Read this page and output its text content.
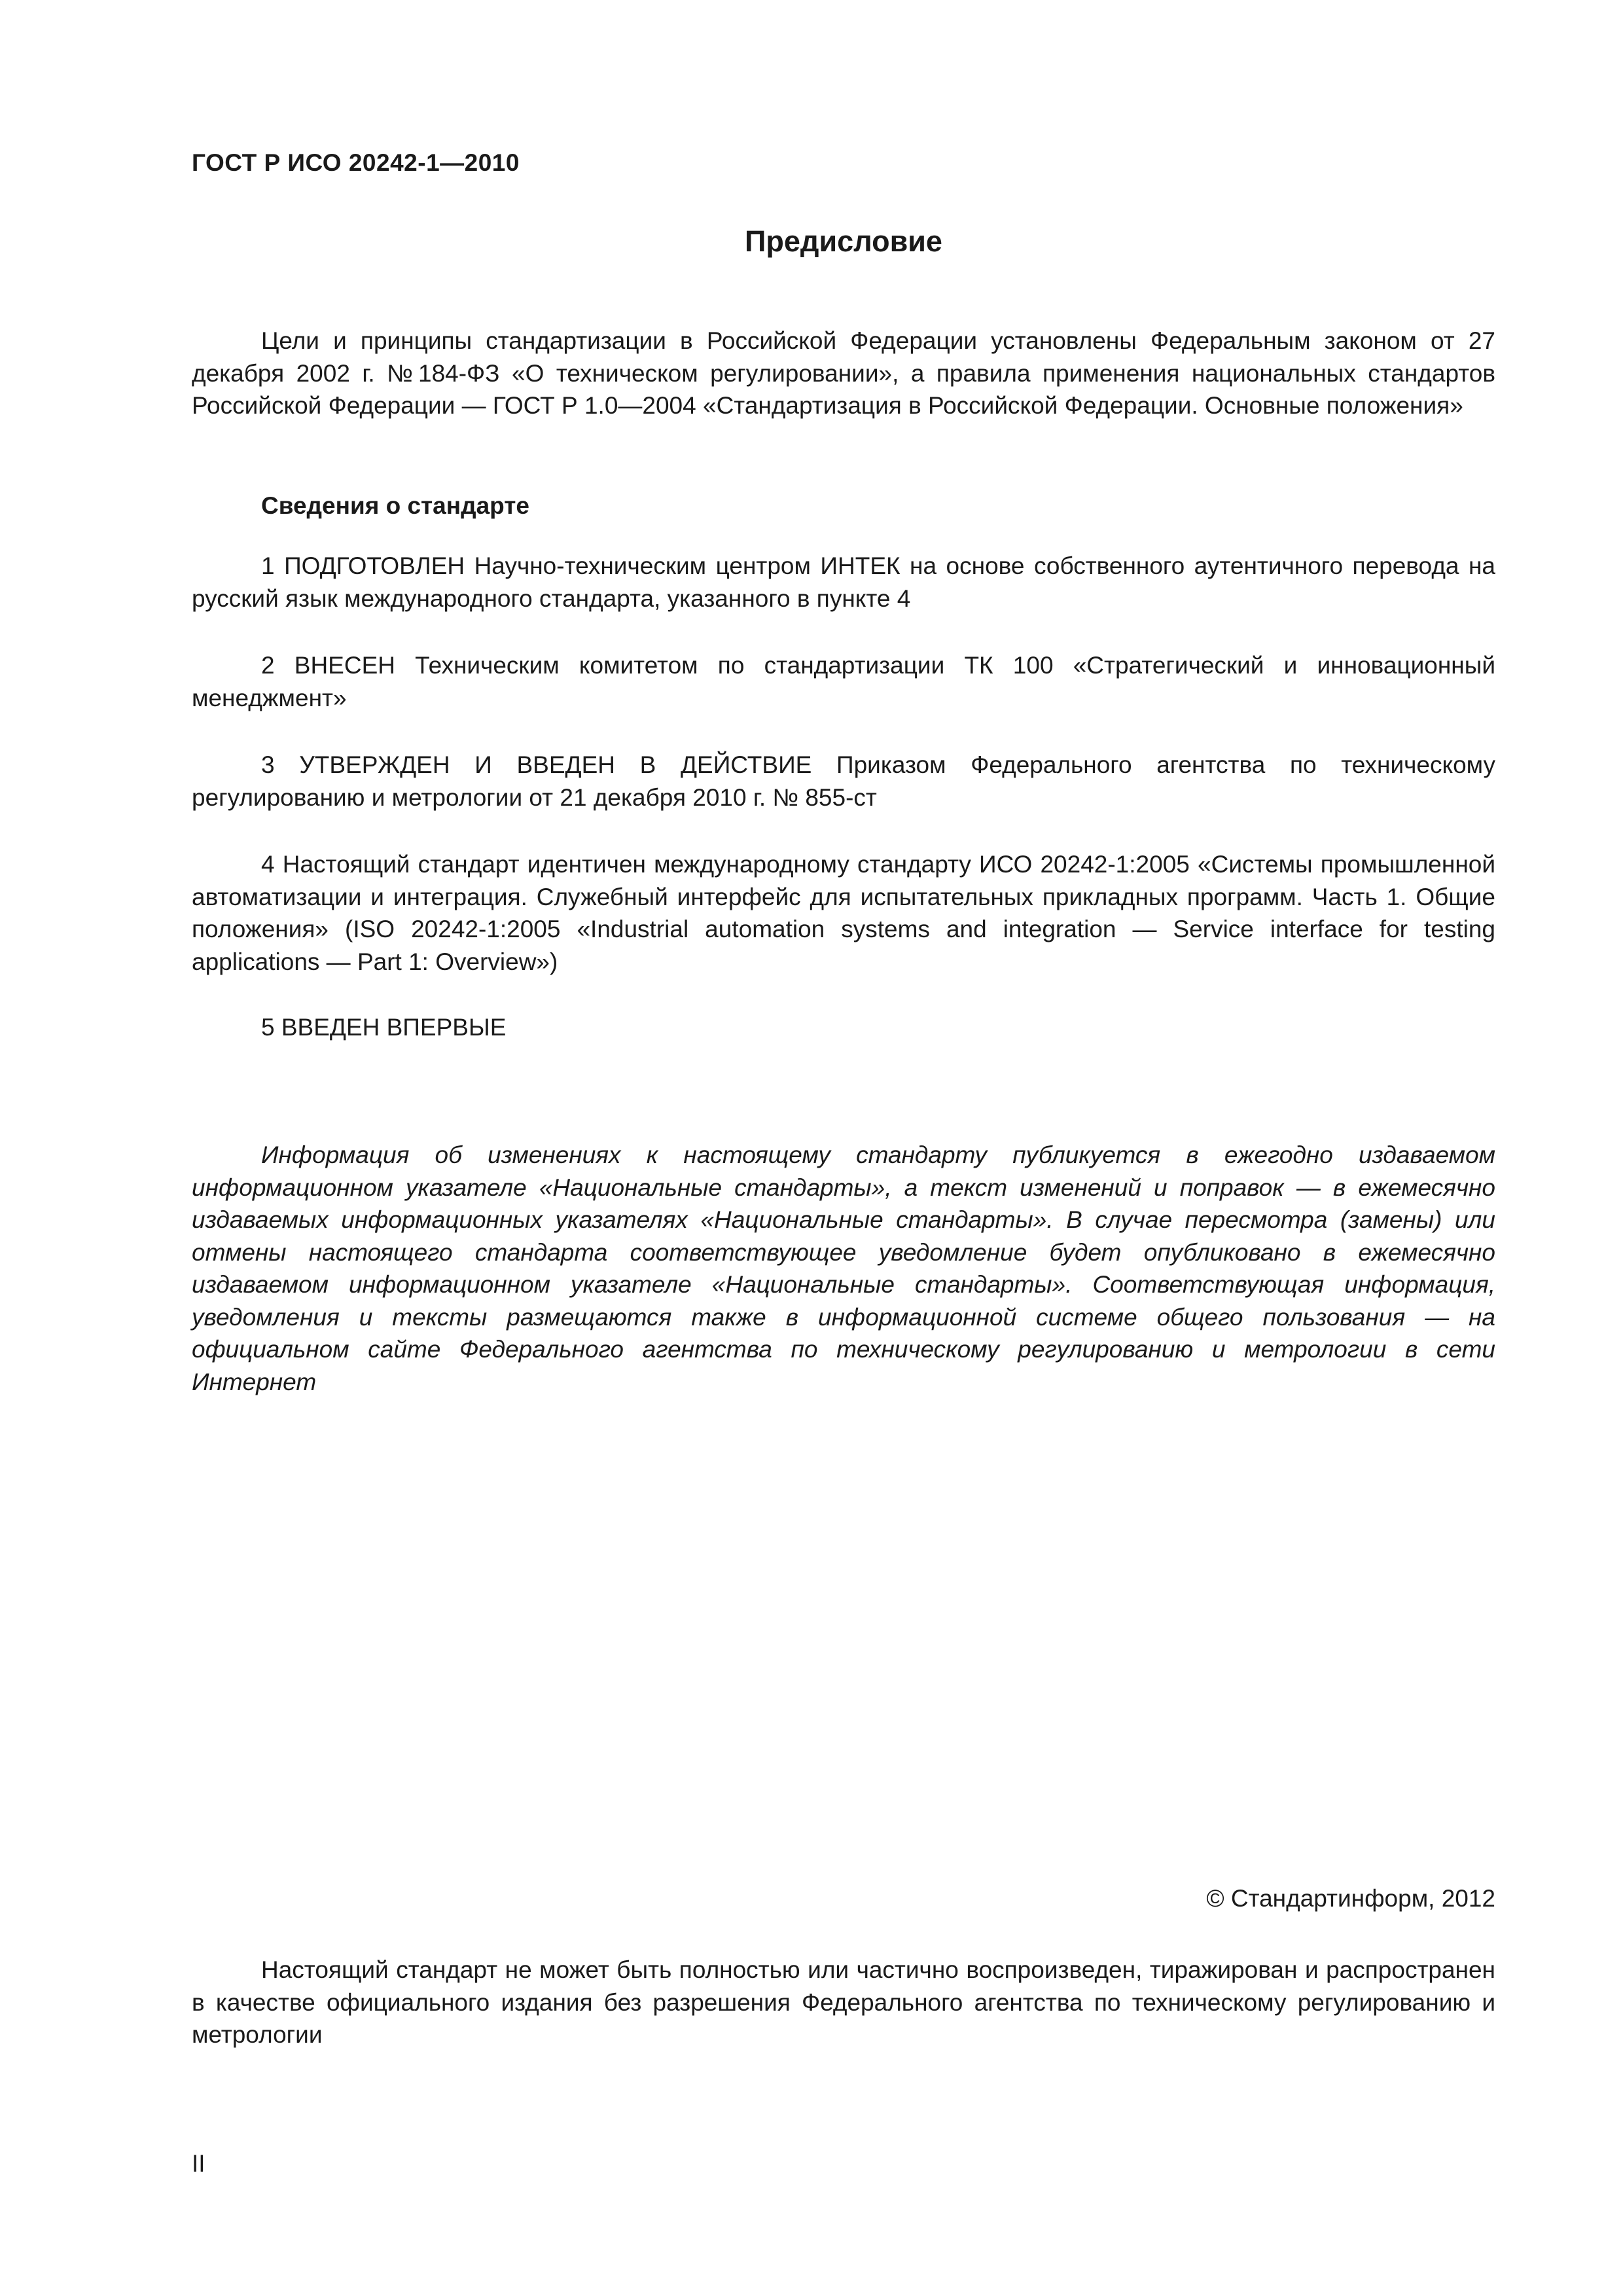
ГОСТ Р ИСО 20242-1—2010
Предисловие

Цели и принципы стандартизации в Российской Федерации установлены Федеральным законом от 27 декабря 2002 г. №184-ФЗ «О техническом регулировании», а правила применения национальных стандартов Российской Федерации — ГОСТ Р 1.0—2004 «Стандартизация в Российской Федерации. Основные положения»

Сведения о стандарте

1 ПОДГОТОВЛЕН Научно-техническим центром ИНТЕК на основе собственного аутентичного перевода на русский язык международного стандарта, указанного в пункте 4

2 ВНЕСЕН Техническим комитетом по стандартизации ТК 100 «Стратегический и инновационный менеджмент»

3 УТВЕРЖДЕН И ВВЕДЕН В ДЕЙСТВИЕ Приказом Федерального агентства по техническому регулированию и метрологии от 21 декабря 2010 г. № 855-ст

4 Настоящий стандарт идентичен международному стандарту ИСО 20242-1:2005 «Системы промышленной автоматизации и интеграция. Служебный интерфейс для испытательных прикладных программ. Часть 1. Общие положения» (ISO 20242-1:2005 «Industrial automation systems and integration — Service interface for testing applications — Part 1: Overview»)

5 ВВЕДЕН ВПЕРВЫЕ

Информация об изменениях к настоящему стандарту публикуется в ежегодно издаваемом информационном указателе «Национальные стандарты», а текст изменений и поправок — в ежемесячно издаваемых информационных указателях «Национальные стандарты». В случае пересмотра (замены) или отмены настоящего стандарта соответствующее уведомление будет опубликовано в ежемесячно издаваемом информационном указателе «Национальные стандарты». Соответствующая информация, уведомления и тексты размещаются также в информационной системе общего пользования — на официальном сайте Федерального агентства по техническому регулированию и метрологии в сети Интернет

© Стандартинформ, 2012

Настоящий стандарт не может быть полностью или частично воспроизведен, тиражирован и распространен в качестве официального издания без разрешения Федерального агентства по техническому регулированию и метрологии

II
